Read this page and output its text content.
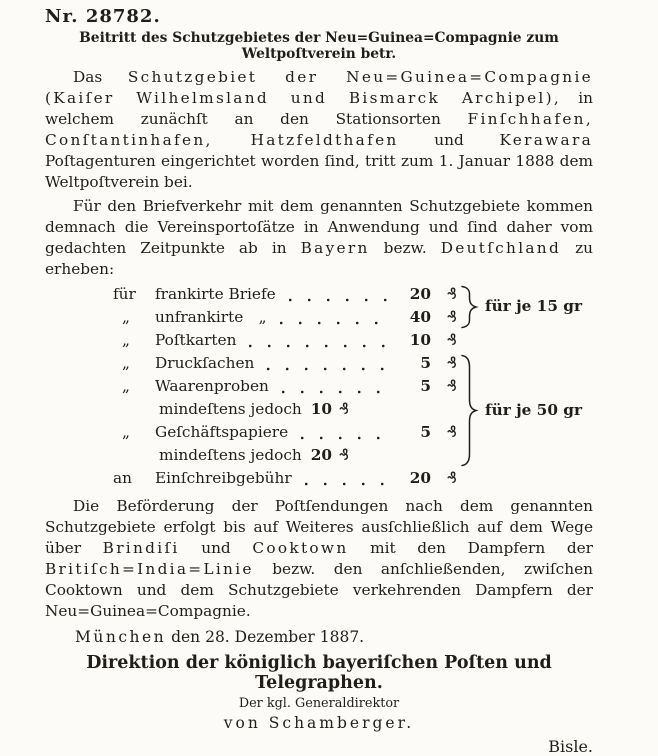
Nr. 28782.
Beitritt des Schutzgebietes der Neu=Guinea=Compagnie zum Weltpoſtverein betr.

Das Schutzgebiet der Neu=Guinea=Compagnie (Kaiſer Wilhelmsland und Bismarck Archipel), in welchem zunächſt an den Stationsorten Finſchhafen, Conſtantinhafen, Hatzfeldthafen und Kerawara Poſtagenturen eingerichtet worden ſind, tritt zum 1. Januar 1888 dem Weltpoſtverein bei.

Für den Briefverkehr mit dem genannten Schutzgebiete kommen demnach die Vereinsportoſätze in Anwendung und ſind daher vom gedachten Zeitpunkte ab in Bayern bezw. Deutſchland zu erheben:

für	frankirte Briefe	20 ₰
„	unfrankirte „	40 ₰
„	Poſtkarten	10 ₰
„	Druckſachen	5 ₰
„	Waarenproben	5 ₰
mindeſtens jedoch 10 ₰
„	Geſchäftspapiere	5 ₰
mindeſtens jedoch 20 ₰
an	Einſchreibgebühr	20 ₰
für je 15 gr
für je 50 gr

Die Beförderung der Poſtſendungen nach dem genannten Schutzgebiete erfolgt bis auf Weiteres ausſchließlich auf dem Wege über Brindiſi und Cooktown mit den Dampfern der Britiſch=India=Linie bezw. den anſchließenden, zwiſchen Cooktown und dem Schutzgebiete verkehrenden Dampfern der Neu=Guinea=Compagnie.

München den 28. Dezember 1887.

Direktion der königlich bayeriſchen Poſten und Telegraphen.
Der kgl. Generaldirektor
von Schamberger.
Bisle.
